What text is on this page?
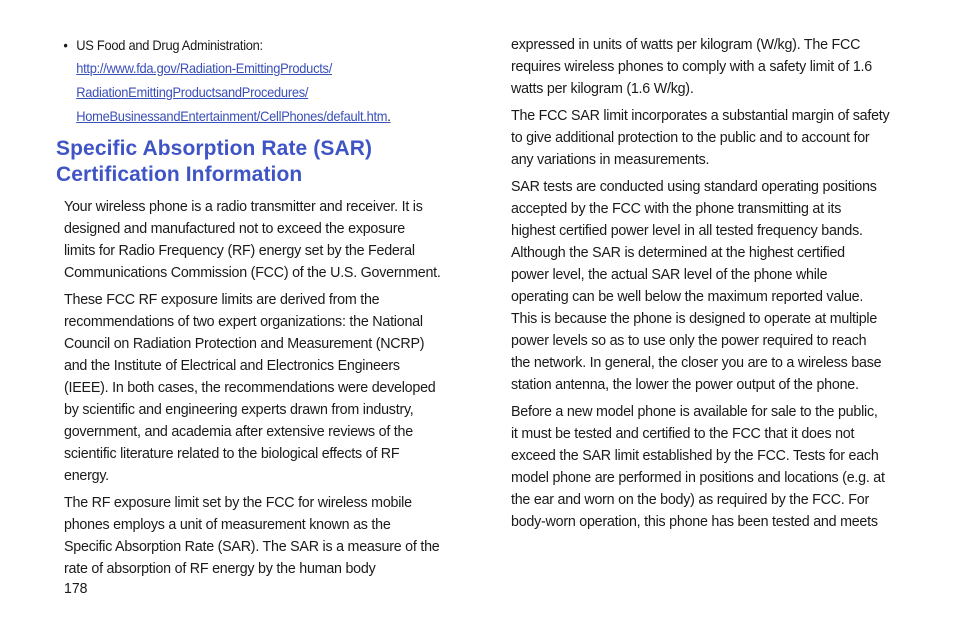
• US Food and Drug Administration:
http://www.fda.gov/Radiation-EmittingProducts/
RadiationEmittingProductsandProcedures/
HomeBusinessandEntertainment/CellPhones/default.htm.
Specific Absorption Rate (SAR)
Certification Information

Your wireless phone is a radio transmitter and receiver. It is

designed and manufactured not to exceed the exposure

limits for Radio Frequency (RF) energy set by the Federal

Communications Commission (FCC) of the U.S. Government.

These FCC RF exposure limits are derived from the

recommendations of two expert organizations: the National

Council on Radiation Protection and Measurement (NCRP)

and the Institute of Electrical and Electronics Engineers

(IEEE). In both cases, the recommendations were developed

by scientific and engineering experts drawn from industry,

government, and academia after extensive reviews of the

scientific literature related to the biological effects of RF

energy.

The RF exposure limit set by the FCC for wireless mobile

phones employs a unit of measurement known as the

Specific Absorption Rate (SAR). The SAR is a measure of the

rate of absorption of RF energy by the human body

expressed in units of watts per kilogram (W/kg). The FCC

requires wireless phones to comply with a safety limit of 1.6

watts per kilogram (1.6 W/kg).

The FCC SAR limit incorporates a substantial margin of safety

to give additional protection to the public and to account for

any variations in measurements.

SAR tests are conducted using standard operating positions

accepted by the FCC with the phone transmitting at its

highest certified power level in all tested frequency bands.

Although the SAR is determined at the highest certified

power level, the actual SAR level of the phone while

operating can be well below the maximum reported value.

This is because the phone is designed to operate at multiple

power levels so as to use only the power required to reach

the network. In general, the closer you are to a wireless base

station antenna, the lower the power output of the phone.

Before a new model phone is available for sale to the public,

it must be tested and certified to the FCC that it does not

exceed the SAR limit established by the FCC. Tests for each

model phone are performed in positions and locations (e.g. at

the ear and worn on the body) as required by the FCC. For

body-worn operation, this phone has been tested and meets

178
